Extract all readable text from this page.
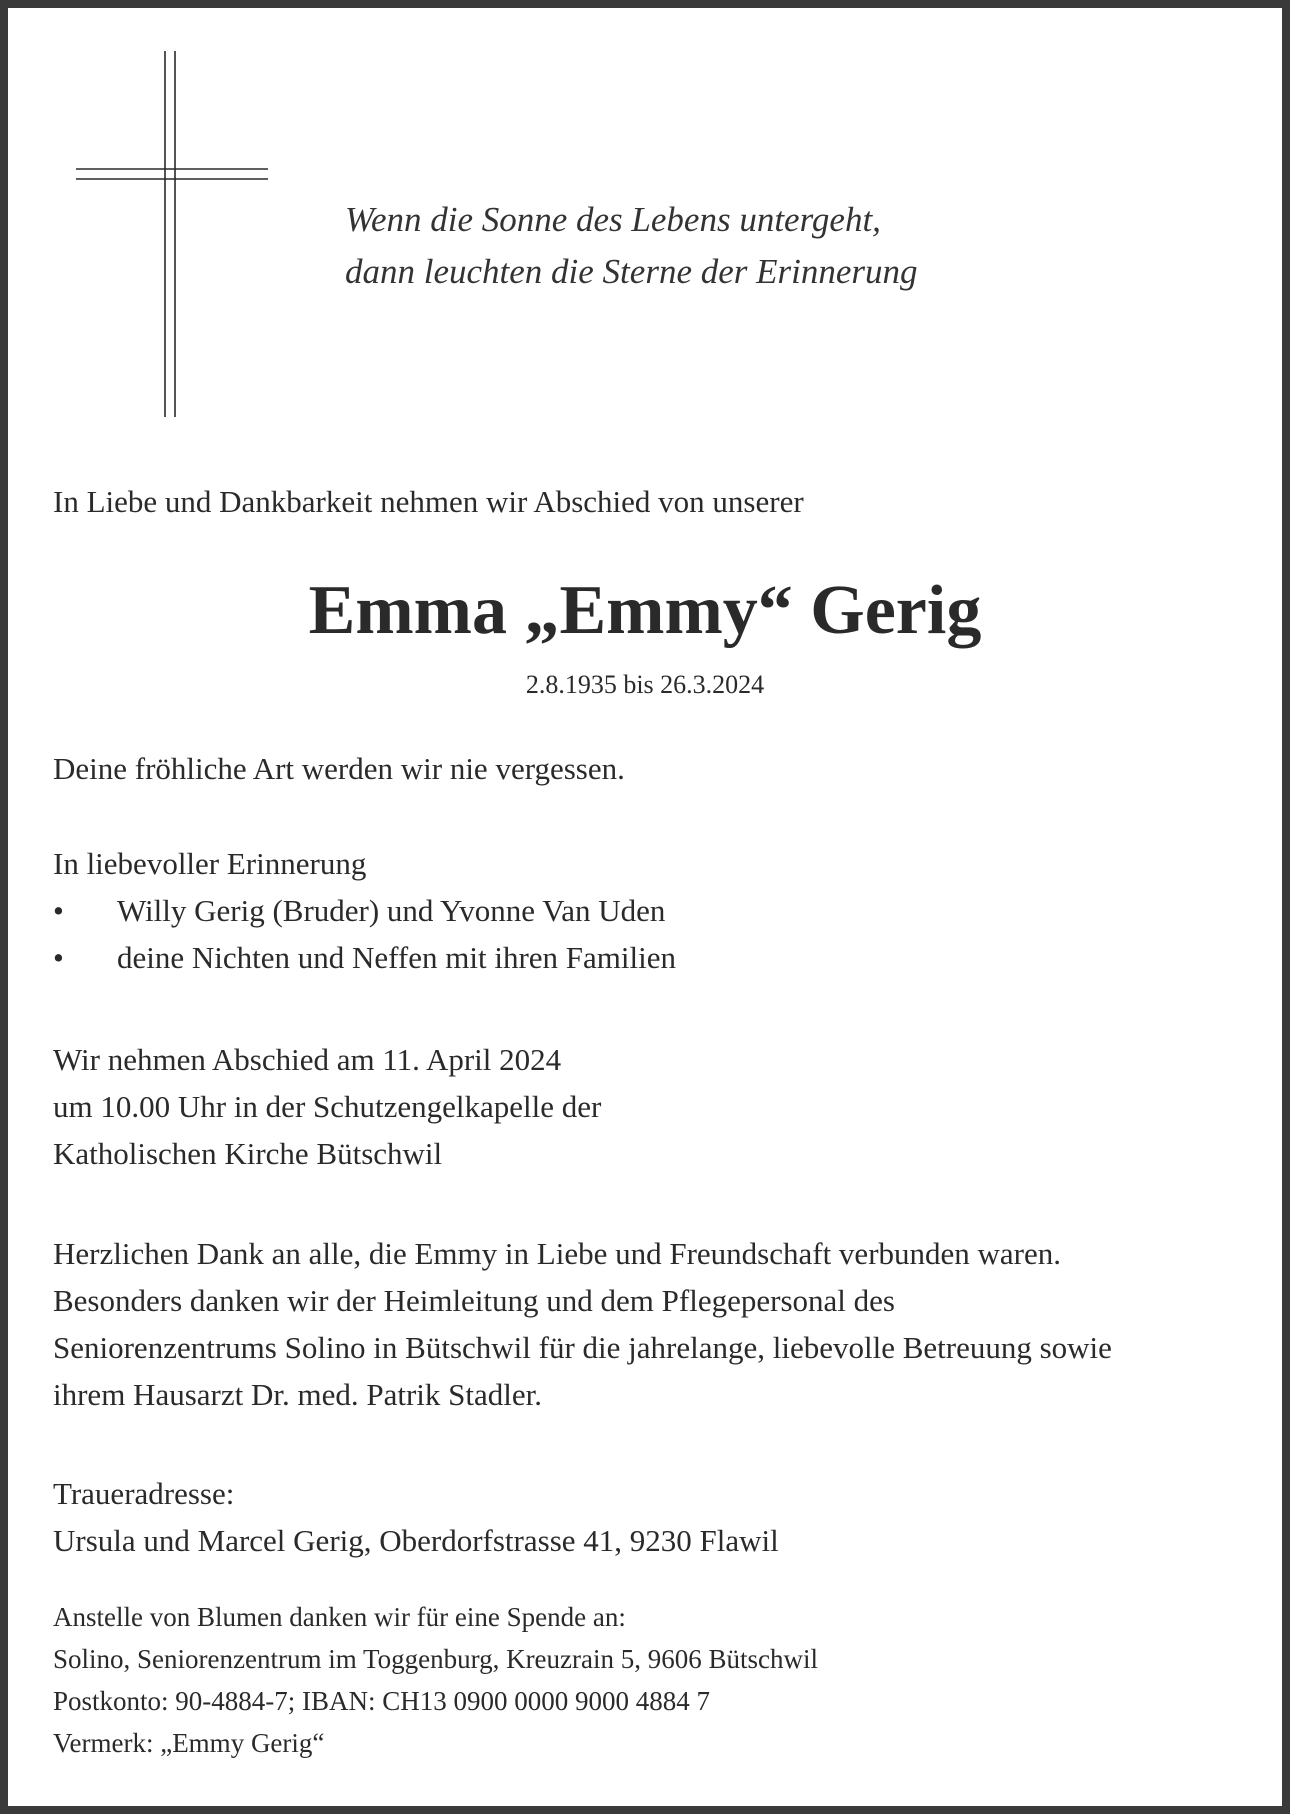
Wenn die Sonne des Lebens untergeht,
dann leuchten die Sterne der Erinnerung
In Liebe und Dankbarkeit nehmen wir Abschied von unserer
Emma „Emmy“ Gerig
2.8.1935 bis 26.3.2024
Deine fröhliche Art werden wir nie vergessen.
In liebevoller Erinnerung
• Willy Gerig (Bruder) und Yvonne Van Uden
• deine Nichten und Neffen mit ihren Familien
Wir nehmen Abschied am 11. April 2024
um 10.00 Uhr in der Schutzengelkapelle der
Katholischen Kirche Bütschwil
Herzlichen Dank an alle, die Emmy in Liebe und Freundschaft verbunden waren.
Besonders danken wir der Heimleitung und dem Pflegepersonal des
Seniorenzentrums Solino in Bütschwil für die jahrelange, liebevolle Betreuung sowie
ihrem Hausarzt Dr. med. Patrik Stadler.
Traueradresse:
Ursula und Marcel Gerig, Oberdorfstrasse 41, 9230 Flawil
Anstelle von Blumen danken wir für eine Spende an:
Solino, Seniorenzentrum im Toggenburg, Kreuzrain 5, 9606 Bütschwil
Postkonto: 90-4884-7; IBAN: CH13 0900 0000 9000 4884 7
Vermerk: „Emmy Gerig“
